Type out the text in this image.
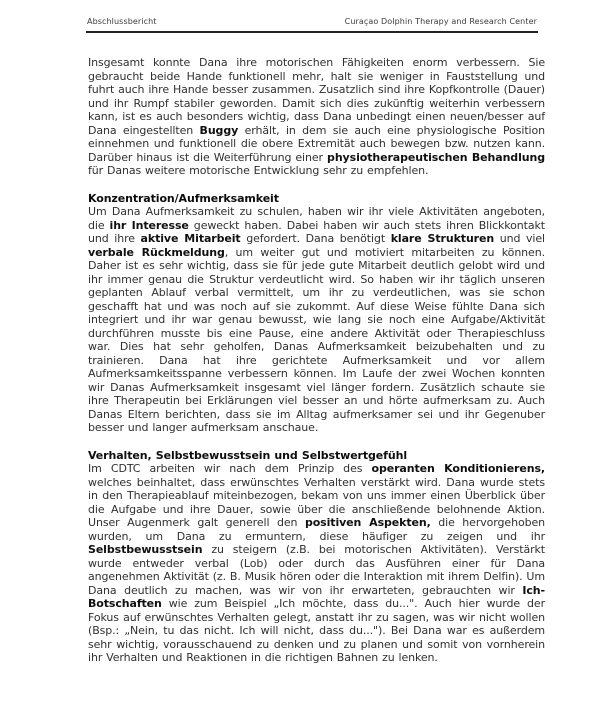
Abschlussbericht	Curaçao Dolphin Therapy and Research Center

Insgesamt konnte Dana ihre motorischen Fähigkeiten enorm verbessern. Sie gebraucht beide Hande funktionell mehr, halt sie weniger in Fauststellung und fuhrt auch ihre Hande besser zusammen. Zusatzlich sind ihre Kopfkontrolle (Dauer) und ihr Rumpf stabiler geworden. Damit sich dies zukünftig weiterhin verbessern kann, ist es auch besonders wichtig, dass Dana unbedingt einen neuen/besser auf Dana eingestellten Buggy erhält, in dem sie auch eine physiologische Position einnehmen und funktionell die obere Extremität auch bewegen bzw. nutzen kann. Darüber hinaus ist die Weiterführung einer physiotherapeutischen Behandlung für Danas weitere motorische Entwicklung sehr zu empfehlen.

Konzentration/Aufmerksamkeit

Um Dana Aufmerksamkeit zu schulen, haben wir ihr viele Aktivitäten angeboten, die ihr Interesse geweckt haben. Dabei haben wir auch stets ihren Blickkontakt und ihre aktive Mitarbeit gefordert. Dana benötigt klare Strukturen und viel verbale Rückmeldung, um weiter gut und motiviert mitarbeiten zu können. Daher ist es sehr wichtig, dass sie für jede gute Mitarbeit deutlich gelobt wird und ihr immer genau die Struktur verdeutlicht wird. So haben wir ihr täglich unseren geplanten Ablauf verbal vermittelt, um ihr zu verdeutlichen, was sie schon geschafft hat und was noch auf sie zukommt. Auf diese Weise fühlte Dana sich integriert und ihr war genau bewusst, wie lang sie noch eine Aufgabe/Aktivität durchführen musste bis eine Pause, eine andere Aktivität oder Therapieschluss war. Dies hat sehr geholfen, Danas Aufmerksamkeit beizubehalten und zu trainieren. Dana hat ihre gerichtete Aufmerksamkeit und vor allem Aufmerksamkeitsspanne verbessern können. Im Laufe der zwei Wochen konnten wir Danas Aufmerksamkeit insgesamt viel länger fordern. Zusätzlich schaute sie ihre Therapeutin bei Erklärungen viel besser an und hörte aufmerksam zu. Auch Danas Eltern berichten, dass sie im Alltag aufmerksamer sei und ihr Gegenuber besser und langer aufmerksam anschaue.

Verhalten, Selbstbewusstsein und Selbstwertgefühl

Im CDTC arbeiten wir nach dem Prinzip des operanten Konditionierens, welches beinhaltet, dass erwünschtes Verhalten verstärkt wird. Dana wurde stets in den Therapieablauf miteinbezogen, bekam von uns immer einen Überblick über die Aufgabe und ihre Dauer, sowie über die anschließende belohnende Aktion. Unser Augenmerk galt generell den positiven Aspekten, die hervorgehoben wurden, um Dana zu ermuntern, diese häufiger zu zeigen und ihr Selbstbewusstsein zu steigern (z.B. bei motorischen Aktivitäten). Verstärkt wurde entweder verbal (Lob) oder durch das Ausführen einer für Dana angenehmen Aktivität (z. B. Musik hören oder die Interaktion mit ihrem Delfin). Um Dana deutlich zu machen, was wir von ihr erwarteten, gebrauchten wir Ich- Botschaften wie zum Beispiel „Ich möchte, dass du...". Auch hier wurde der Fokus auf erwünschtes Verhalten gelegt, anstatt ihr zu sagen, was wir nicht wollen (Bsp.: „Nein, tu das nicht. Ich will nicht, dass du..."). Bei Dana war es außerdem sehr wichtig, vorausschauend zu denken und zu planen und somit von vornherein ihr Verhalten und Reaktionen in die richtigen Bahnen zu lenken.
